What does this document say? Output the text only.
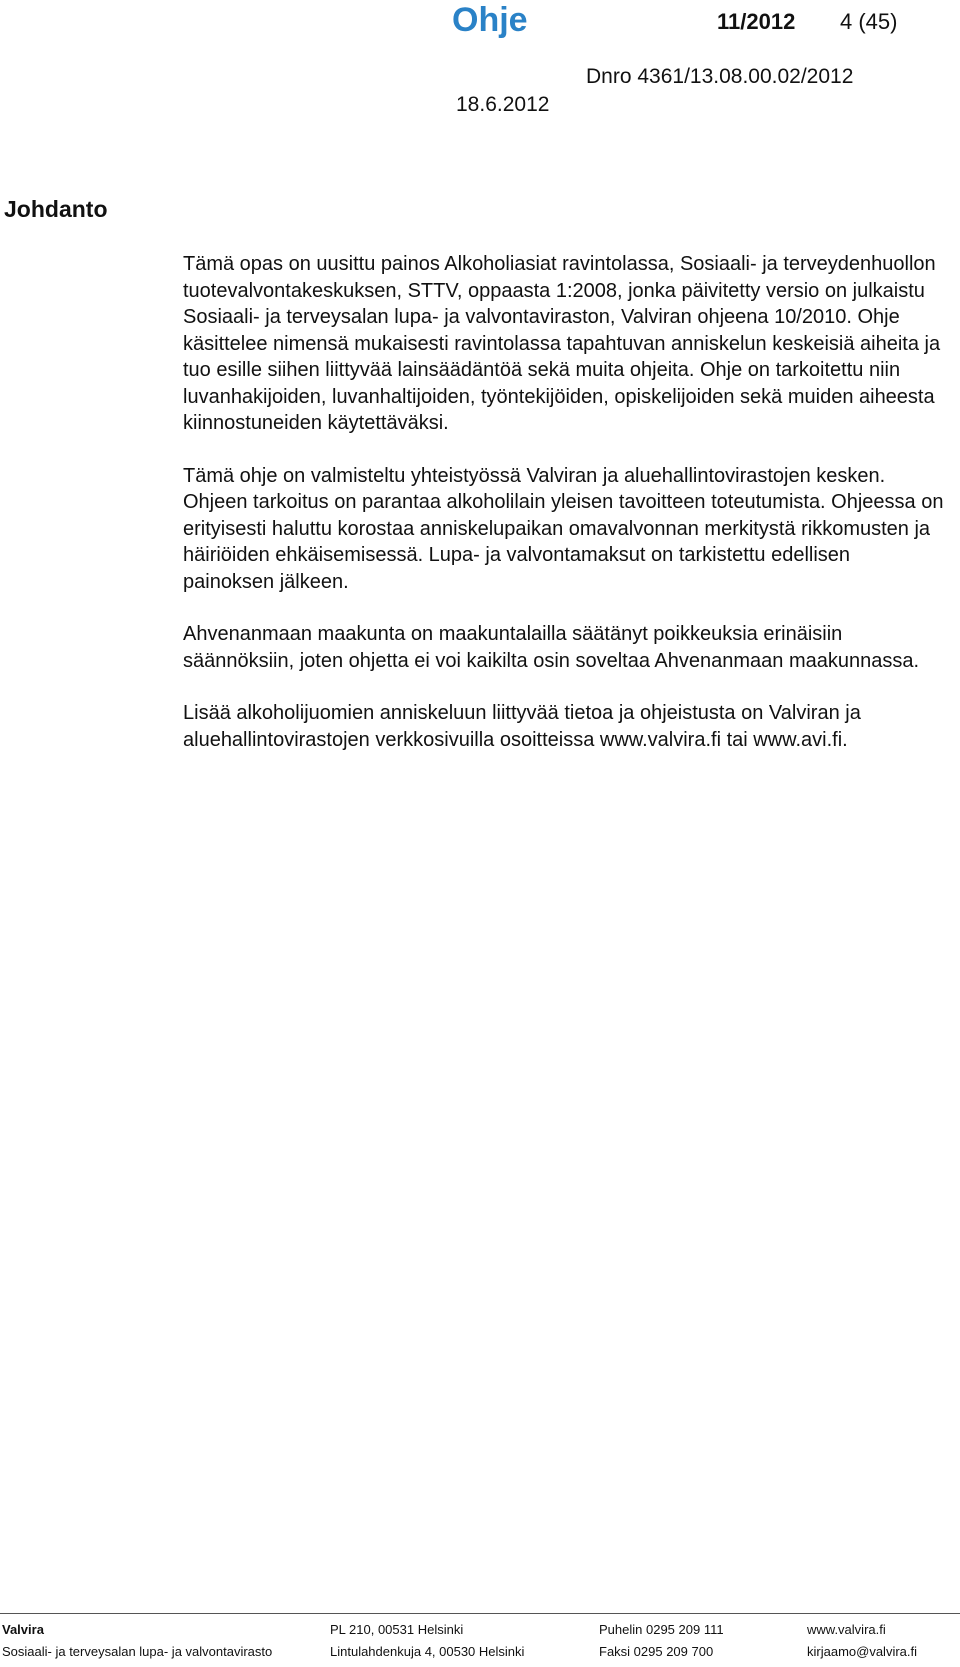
Ohje	11/2012 4 (45)
Dnro 4361/13.08.00.02/2012
18.6.2012
Johdanto

Tämä opas on uusittu painos Alkoholiasiat ravintolassa, Sosiaali- ja terveydenhuollon tuotevalvontakeskuksen, STTV, oppaasta 1:2008, jonka päivitetty versio on julkaistu Sosiaali- ja terveysalan lupa- ja valvontaviraston, Valviran ohjeena 10/2010. Ohje käsittelee nimensä mukaisesti ravintolassa tapahtuvan anniskelun keskeisiä aiheita ja tuo esille siihen liittyvää lainsäädäntöä sekä muita ohjeita. Ohje on tarkoitettu niin luvanhakijoiden, luvanhaltijoiden, työntekijöiden, opiskelijoiden sekä muiden aiheesta kiinnostuneiden käytettäväksi.

Tämä ohje on valmisteltu yhteistyössä Valviran ja aluehallintovirastojen kesken. Ohjeen tarkoitus on parantaa alkoholilain yleisen tavoitteen toteutumista. Ohjeessa on erityisesti haluttu korostaa anniskelupaikan omavalvonnan merkitystä rikkomusten ja häiriöiden ehkäisemisessä. Lupa- ja valvontamaksut on tarkistettu edellisen painoksen jälkeen.

Ahvenanmaan maakunta on maakuntalailla säätänyt poikkeuksia erinäisiin säännöksiin, joten ohjetta ei voi kaikilta osin soveltaa Ahvenanmaan maakunnassa.

Lisää alkoholijuomien anniskeluun liittyvää tietoa ja ohjeistusta on Valviran ja aluehallintovirastojen verkkosivuilla osoitteissa www.valvira.fi tai www.avi.fi.

Valvira
Sosiaali- ja terveysalan lupa- ja valvontavirasto
PL 210, 00531 Helsinki
Lintulahdenkuja 4, 00530 Helsinki
Puhelin 0295 209 111
Faksi 0295 209 700
www.valvira.fi
kirjaamo@valvira.fi
